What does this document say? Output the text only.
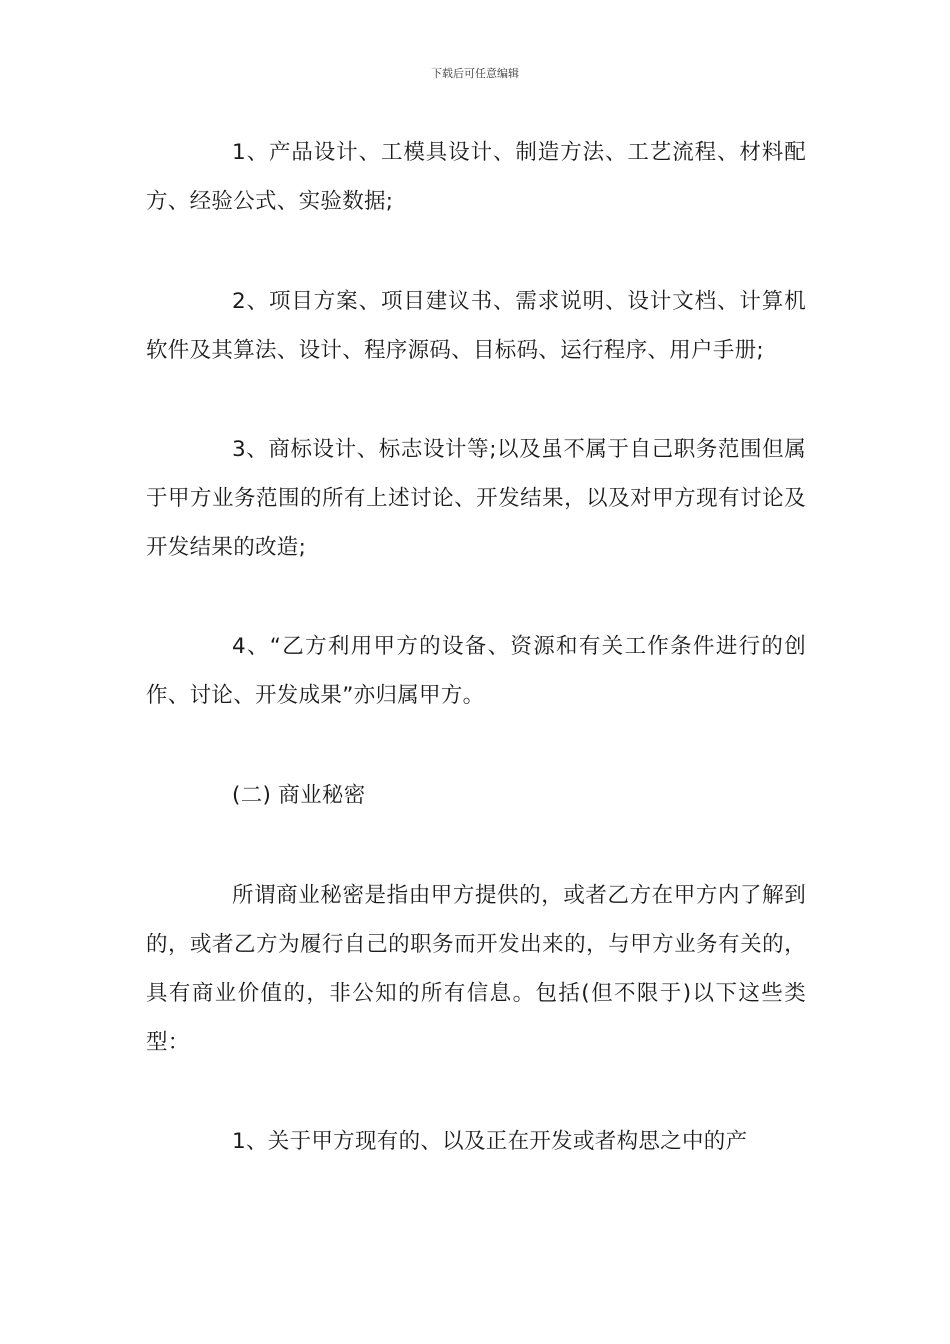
下载后可任意编辑

1、产品设计、工模具设计、制造方法、工艺流程、材料配方、经验公式、实验数据;

2、项目方案、项目建议书、需求说明、设计文档、计算机软件及其算法、设计、程序源码、目标码、运行程序、用户手册;

3、商标设计、标志设计等;以及虽不属于自己职务范围但属于甲方业务范围的所有上述讨论、开发结果，以及对甲方现有讨论及开发结果的改造;

4、“乙方利用甲方的设备、资源和有关工作条件进行的创作、讨论、开发成果”亦归属甲方。

(二) 商业秘密

所谓商业秘密是指由甲方提供的，或者乙方在甲方内了解到的，或者乙方为履行自己的职务而开发出来的，与甲方业务有关的，具有商业价值的，非公知的所有信息。包括(但不限于)以下这些类型：

1、关于甲方现有的、以及正在开发或者构思之中的产
